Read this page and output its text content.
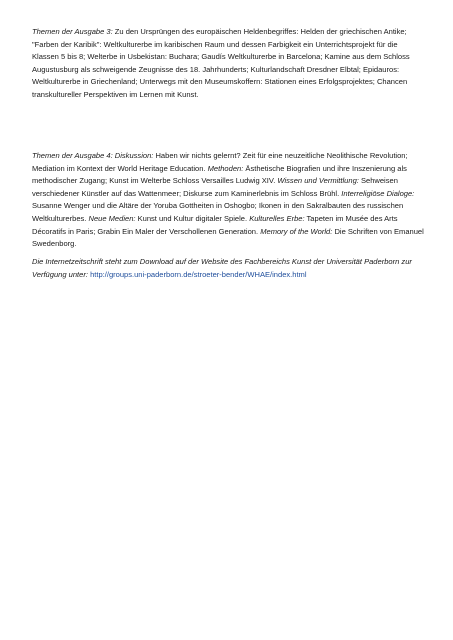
Themen der Ausgabe 3: Zu den Ursprüngen des europäischen Heldenbegriffes: Helden der griechischen Antike; "Farben der Karibik": Weltkulturerbe im karibischen Raum und dessen Farbigkeit ein Unterrichtsprojekt für die Klassen 5 bis 8; Welterbe in Usbekistan: Buchara; Gaudís Weltkulturerbe in Barcelona; Kamine aus dem Schloss Augustusburg als schweigende Zeugnisse des 18. Jahrhunderts; Kulturlandschaft Dresdner Elbtal; Epidauros: Weltkulturerbe in Griechenland; Unterwegs mit den Museumskoffern: Stationen eines Erfolgsprojektes; Chancen transkultureller Perspektiven im Lernen mit Kunst.

Themen der Ausgabe 4: Diskussion: Haben wir nichts gelernt? Zeit für eine neuzeitliche Neolithische Revolution; Mediation im Kontext der World Heritage Education. Methoden: Ästhetische Biografien und ihre Inszenierung als methodischer Zugang; Kunst im Welterbe Schloss Versailles Ludwig XIV. Wissen und Vermittlung: Sehweisen verschiedener Künstler auf das Wattenmeer; Diskurse zum Kaminerlebnis im Schloss Brühl. Interreligiöse Dialoge: Susanne Wenger und die Altäre der Yoruba Gottheiten in Oshogbo; Ikonen in den Sakralbauten des russischen Weltkulturerbes. Neue Medien: Kunst und Kultur digitaler Spiele. Kulturelles Erbe: Tapeten im Musée des Arts Décoratifs in Paris; Grabin Ein Maler der Verschollenen Generation. Memory of the World: Die Schriften von Emanuel Swedenborg.

Die Internetzeitschrift steht zum Download auf der Website des Fachbereichs Kunst der Universität Paderborn zur Verfügung unter: http://groups.uni-paderborn.de/stroeter-bender/WHAE/index.html
